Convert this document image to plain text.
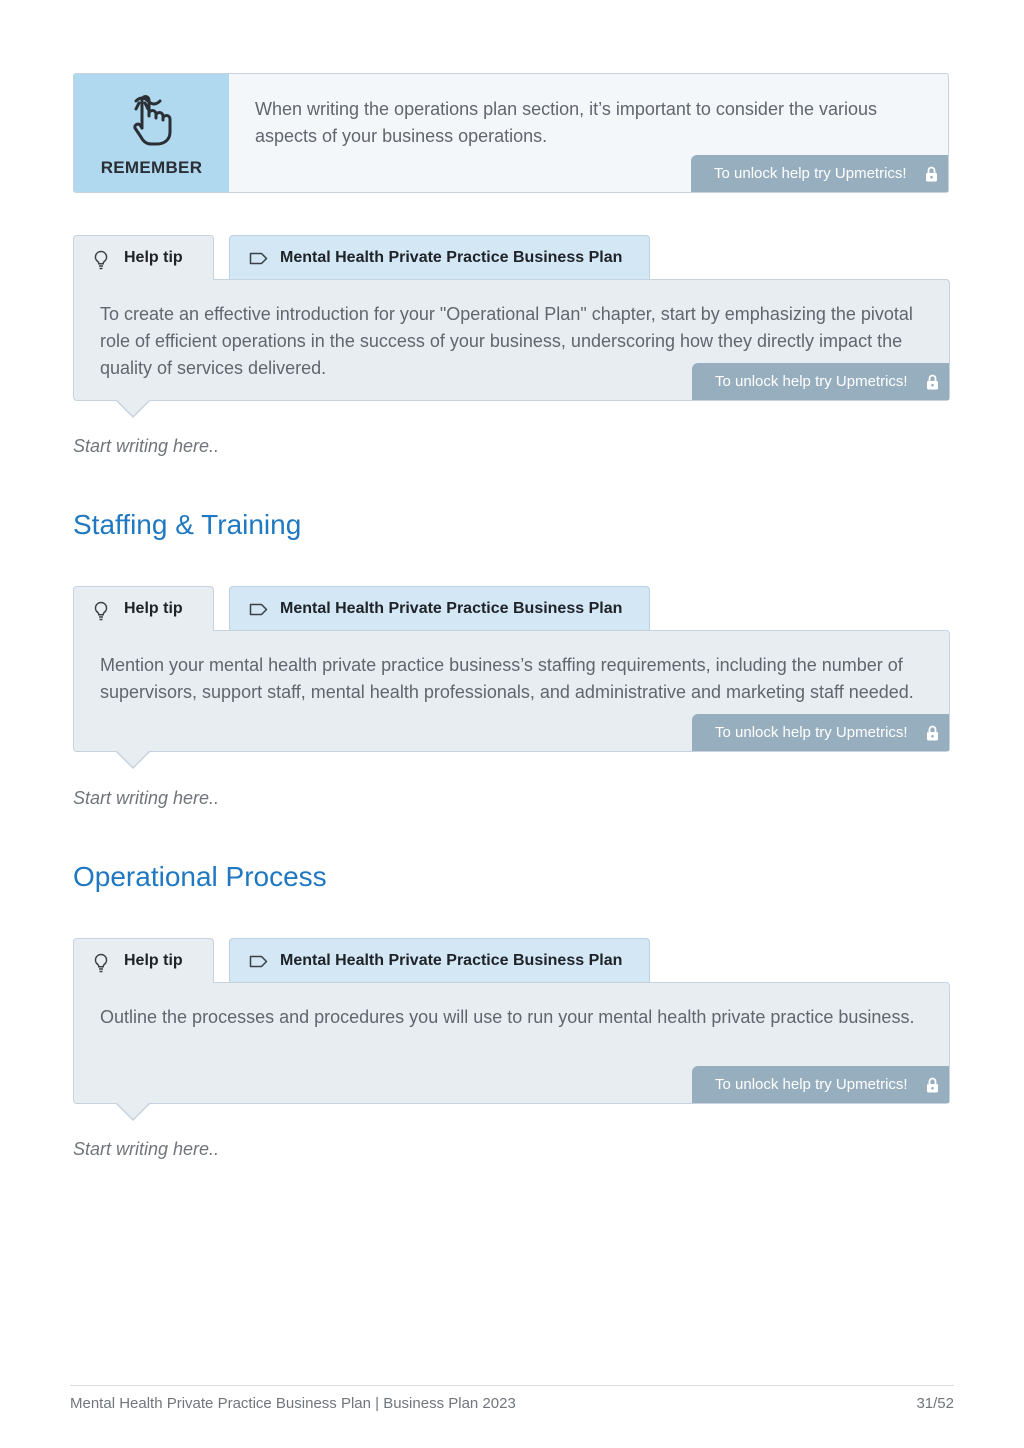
REMEMBER
When writing the operations plan section, it’s important to consider the various aspects of your business operations.
To unlock help try Upmetrics!
Help tip	Mental Health Private Practice Business Plan
To create an effective introduction for your "Operational Plan" chapter, start by emphasizing the pivotal role of efficient operations in the success of your business, underscoring how they directly impact the quality of services delivered.
To unlock help try Upmetrics!
Start writing here..
Staffing & Training
Help tip	Mental Health Private Practice Business Plan
Mention your mental health private practice business’s staffing requirements, including the number of supervisors, support staff, mental health professionals, and administrative and marketing staff needed.
To unlock help try Upmetrics!
Start writing here..
Operational Process
Help tip	Mental Health Private Practice Business Plan
Outline the processes and procedures you will use to run your mental health private practice business.
To unlock help try Upmetrics!
Start writing here..
Mental Health Private Practice Business Plan | Business Plan 2023	31/52
